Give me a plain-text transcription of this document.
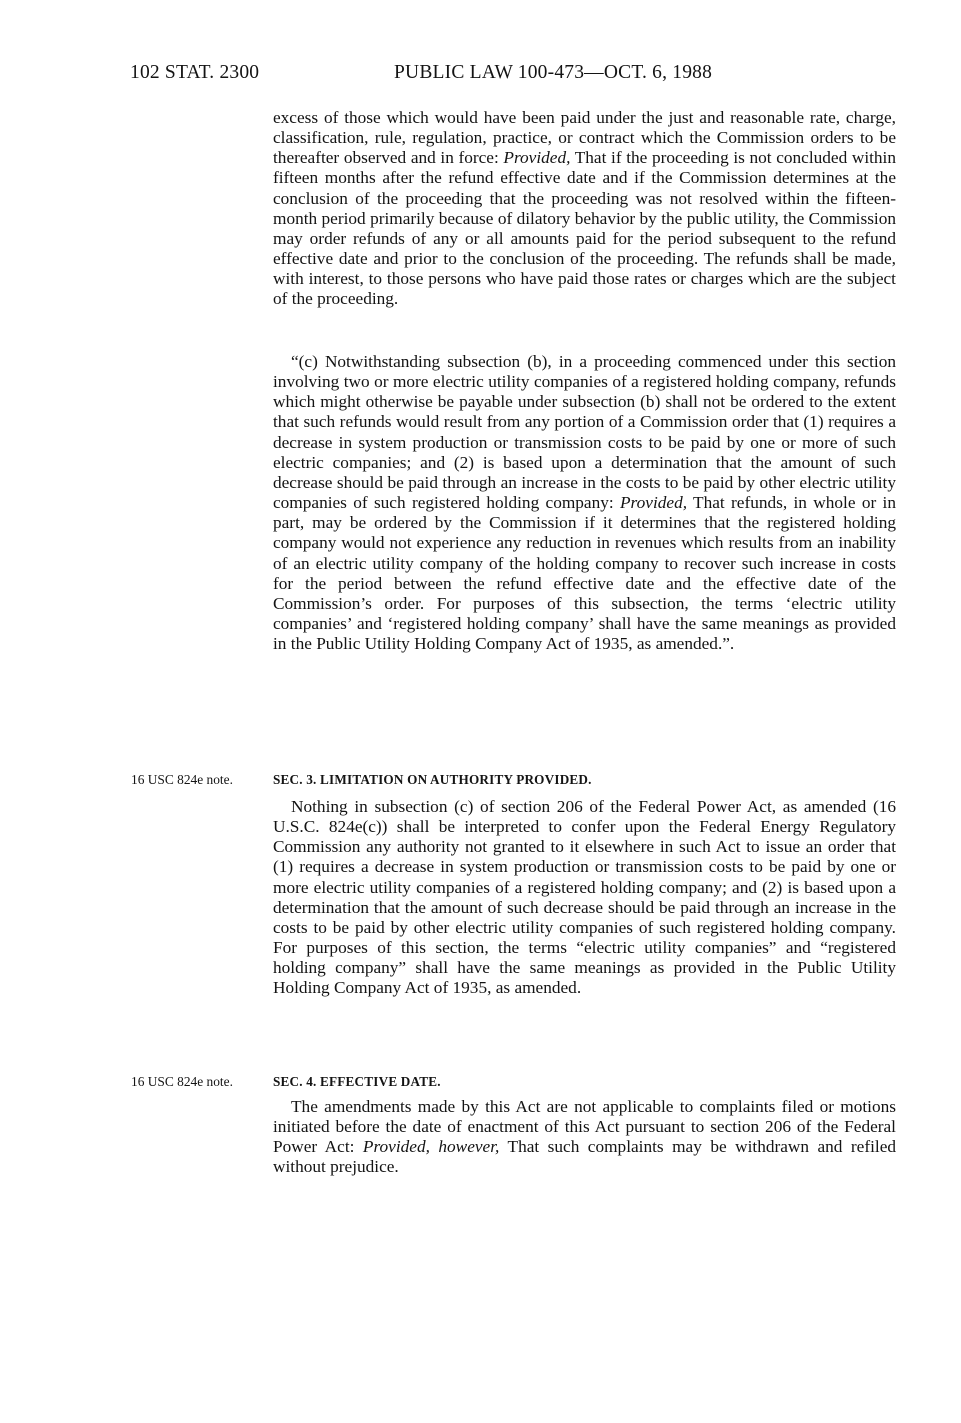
102 STAT. 2300	PUBLIC LAW 100-473—OCT. 6, 1988

excess of those which would have been paid under the just and reasonable rate, charge, classification, rule, regulation, practice, or contract which the Commission orders to be thereafter observed and in force: Provided, That if the proceeding is not concluded within fifteen months after the refund effective date and if the Commission determines at the conclusion of the proceeding that the proceeding was not resolved within the fifteen-month period primarily because of dilatory behavior by the public utility, the Commission may order refunds of any or all amounts paid for the period subsequent to the refund effective date and prior to the conclusion of the proceeding. The refunds shall be made, with interest, to those persons who have paid those rates or charges which are the subject of the proceeding.

“(c) Notwithstanding subsection (b), in a proceeding commenced under this section involving two or more electric utility companies of a registered holding company, refunds which might otherwise be payable under subsection (b) shall not be ordered to the extent that such refunds would result from any portion of a Commission order that (1) requires a decrease in system production or transmission costs to be paid by one or more of such electric companies; and (2) is based upon a determination that the amount of such decrease should be paid through an increase in the costs to be paid by other electric utility companies of such registered holding company: Provided, That refunds, in whole or in part, may be ordered by the Commission if it determines that the registered holding company would not experience any reduction in revenues which results from an inability of an electric utility company of the holding company to recover such increase in costs for the period between the refund effective date and the effective date of the Commission’s order. For purposes of this subsection, the terms ‘electric utility companies’ and ‘registered holding company’ shall have the same meanings as provided in the Public Utility Holding Company Act of 1935, as amended.”.

16 USC 824e note.	SEC. 3. LIMITATION ON AUTHORITY PROVIDED.

Nothing in subsection (c) of section 206 of the Federal Power Act, as amended (16 U.S.C. 824e(c)) shall be interpreted to confer upon the Federal Energy Regulatory Commission any authority not granted to it elsewhere in such Act to issue an order that (1) requires a decrease in system production or transmission costs to be paid by one or more electric utility companies of a registered holding company; and (2) is based upon a determination that the amount of such decrease should be paid through an increase in the costs to be paid by other electric utility companies of such registered holding company. For purposes of this section, the terms “electric utility companies” and “registered holding company” shall have the same meanings as provided in the Public Utility Holding Company Act of 1935, as amended.

16 USC 824e note.	SEC. 4. EFFECTIVE DATE.

The amendments made by this Act are not applicable to complaints filed or motions initiated before the date of enactment of this Act pursuant to section 206 of the Federal Power Act: Provided, however, That such complaints may be withdrawn and refiled without prejudice.
